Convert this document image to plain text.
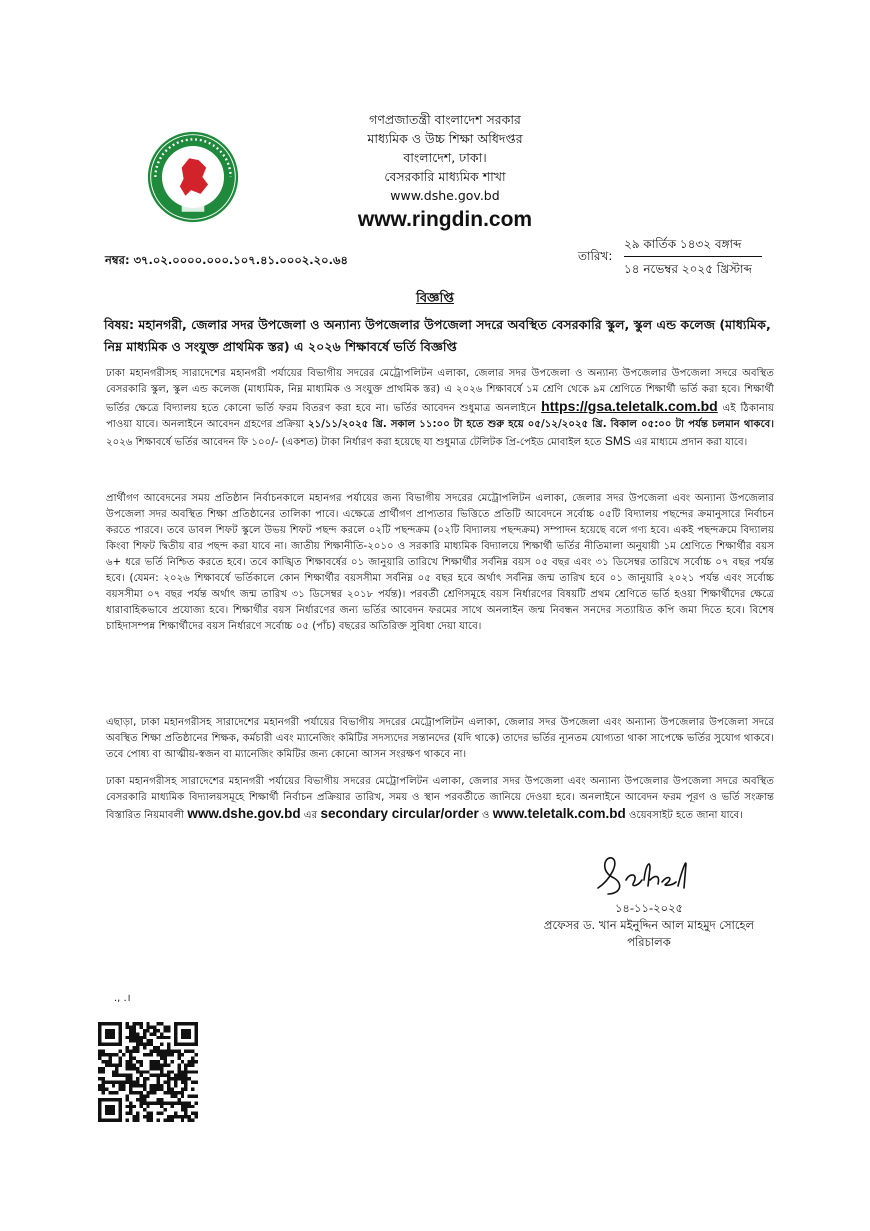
গণপ্রজাতন্ত্রী বাংলাদেশ সরকার
মাধ্যমিক ও উচ্চ শিক্ষা অধিদপ্তর
বাংলাদেশ, ঢাকা।
বেসরকারি মাধ্যমিক শাখা
www.dshe.gov.bd
www.ringdin.com
নম্বর: ৩৭.০২.০০০০.০০০.১০৭.৪১.০০০২.২০.৬৪	তারিখ:
২৯ কার্তিক ১৪৩২ বঙ্গাব্দ
১৪ নভেম্বর ২০২৫ খ্রিস্টাব্দ
বিজ্ঞপ্তি
বিষয়: মহানগরী, জেলার সদর উপজেলা ও অন্যান্য উপজেলার উপজেলা সদরে অবস্থিত বেসরকারি স্কুল, স্কুল এন্ড কলেজ (মাধ্যমিক, নিম্ন মাধ্যমিক ও সংযুক্ত প্রাথমিক স্তর) এ ২০২৬ শিক্ষাবর্ষে ভর্তি বিজ্ঞপ্তি
ঢাকা মহানগরীসহ সারাদেশের মহানগরী পর্যায়ের বিভাগীয় সদরের মেট্রোপলিটন এলাকা, জেলার সদর উপজেলা ও অন্যান্য উপজেলার উপজেলা সদরে অবস্থিত বেসরকারি স্কুল, স্কুল এন্ড কলেজ (মাধ্যমিক, নিম্ন মাধ্যমিক ও সংযুক্ত প্রাথমিক স্তর) এ ২০২৬ শিক্ষাবর্ষে ১ম শ্রেণি থেকে ৯ম শ্রেণিতে শিক্ষার্থী ভর্তি করা হবে। শিক্ষার্থী ভর্তির ক্ষেত্রে বিদ্যালয় হতে কোনো ভর্তি ফরম বিতরণ করা হবে না। ভর্তির আবেদন শুধুমাত্র অনলাইনে https://gsa.teletalk.com.bd এই ঠিকানায় পাওয়া যাবে। অনলাইনে আবেদন গ্রহণের প্রক্রিয়া ২১/১১/২০২৫ খ্রি. সকাল ১১:০০ টা হতে শুরু হয়ে ০৫/১২/২০২৫ খ্রি. বিকাল ০৫:০০ টা পর্যন্ত চলমান থাকবে। ২০২৬ শিক্ষাবর্ষে ভর্তির আবেদন ফি ১০০/- (একশত) টাকা নির্ধারণ করা হয়েছে যা শুধুমাত্র টেলিটক প্রি-পেইড মোবাইল হতে SMS এর মাধ্যমে প্রদান করা যাবে।
প্রার্থীগণ আবেদনের সময় প্রতিষ্ঠান নির্বাচনকালে মহানগর পর্যায়ের জন্য বিভাগীয় সদরের মেট্রোপলিটন এলাকা, জেলার সদর উপজেলা এবং অন্যান্য উপজেলার উপজেলা সদর অবস্থিত শিক্ষা প্রতিষ্ঠানের তালিকা পাবে। এক্ষেত্রে প্রার্থীগণ প্রাপ্যতার ভিত্তিতে প্রতিটি আবেদনে সর্বোচ্চ ০৫টি বিদ্যালয় পছন্দের ক্রমানুসারে নির্বাচন করতে পারবে। তবে ডাবল শিফট স্কুলে উভয় শিফট পছন্দ করলে ০২টি পছন্দক্রম (০২টি বিদ্যালয় পছন্দক্রম) সম্পাদন হয়েছে বলে গণ্য হবে। একই পছন্দক্রমে বিদ্যালয় কিংবা শিফট দ্বিতীয় বার পছন্দ করা যাবে না। জাতীয় শিক্ষানীতি-২০১০ ও সরকারি মাধ্যমিক বিদ্যালয়ে শিক্ষার্থী ভর্তির নীতিমালা অনুযায়ী ১ম শ্রেণিতে শিক্ষার্থীর বয়স ৬+ ধরে ভর্তি নিশ্চিত করতে হবে। তবে কাঙ্খিত শিক্ষাবর্ষের ০১ জানুয়ারি তারিখে শিক্ষার্থীর সর্বনিম্ন বয়স ০৫ বছর এবং ৩১ ডিসেম্বর তারিখে সর্বোচ্চ ০৭ বছর পর্যন্ত হবে। (যেমন: ২০২৬ শিক্ষাবর্ষে ভর্তিকালে কোন শিক্ষার্থীর বয়সসীমা সর্বনিম্ন ০৫ বছর হবে অর্থাৎ সর্বনিম্ন জন্ম তারিখ হবে ০১ জানুয়ারি ২০২১ পর্যন্ত এবং সর্বোচ্চ বয়সসীমা ০৭ বছর পর্যন্ত অর্থাৎ জন্ম তারিখ ৩১ ডিসেম্বর ২০১৮ পর্যন্ত)। পরবর্তী শ্রেণিসমূহে বয়স নির্ধারণের বিষয়টি প্রথম শ্রেণিতে ভর্তি হওয়া শিক্ষার্থীদের ক্ষেত্রে ধারাবাহিকভাবে প্রযোজ্য হবে। শিক্ষার্থীর বয়স নির্ধারণের জন্য ভর্তির আবেদন ফরমের সাথে অনলাইন জন্ম নিবন্ধন সনদের সত্যায়িত কপি জমা দিতে হবে। বিশেষ চাহিদাসম্পন্ন শিক্ষার্থীদের বয়স নির্ধারণে সর্বোচ্চ ০৫ (পাঁচ) বছরের অতিরিক্ত সুবিধা দেয়া যাবে।
এছাড়া, ঢাকা মহানগরীসহ সারাদেশের মহানগরী পর্যায়ের বিভাগীয় সদরের মেট্রোপলিটন এলাকা, জেলার সদর উপজেলা এবং অন্যান্য উপজেলার উপজেলা সদরে অবস্থিত শিক্ষা প্রতিষ্ঠানের শিক্ষক, কর্মচারী এবং ম্যানেজিং কমিটির সদস্যদের সন্তানদের (যদি থাকে) তাদের ভর্তির ন্যূনতম যোগ্যতা থাকা সাপেক্ষে ভর্তির সুযোগ থাকবে। তবে পোষ্য বা আত্মীয়-স্বজন বা ম্যানেজিং কমিটির জন্য কোনো আসন সংরক্ষণ থাকবে না।
ঢাকা মহানগরীসহ সারাদেশের মহানগরী পর্যায়ের বিভাগীয় সদরের মেট্রোপলিটন এলাকা, জেলার সদর উপজেলা এবং অন্যান্য উপজেলার উপজেলা সদরে অবস্থিত বেসরকারি মাধ্যমিক বিদ্যালয়সমূহে শিক্ষার্থী নির্বাচন প্রক্রিয়ার তারিখ, সময় ও স্থান পরবর্তীতে জানিয়ে দেওয়া হবে। অনলাইনে আবেদন ফরম পূরণ ও ভর্তি সংক্রান্ত বিস্তারিত নিয়মাবলী www.dshe.gov.bd এর secondary circular/order ও www.teletalk.com.bd ওয়েবসাইট হতে জানা যাবে।
১৪-১১-২০২৫
প্রফেসর ড. খান মইনুদ্দিন আল মাহমুদ সোহেল
পরিচালক
., .।
